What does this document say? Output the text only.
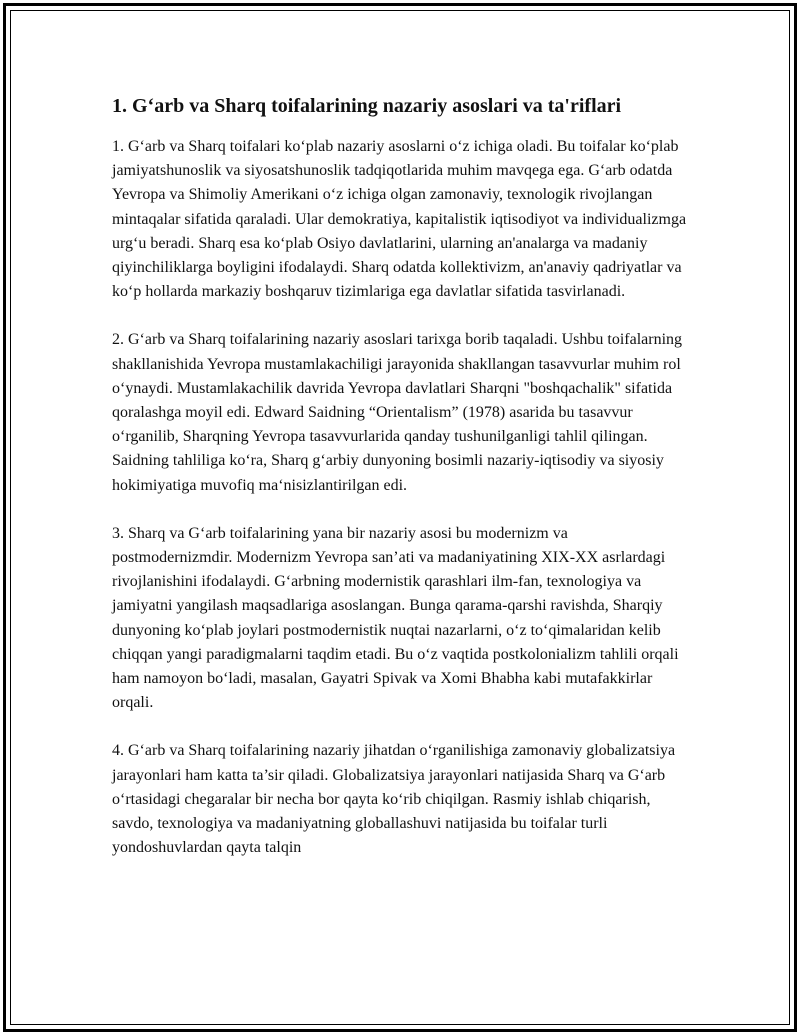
1. G‘arb va Sharq toifalarining nazariy asoslari va ta'riflari

1. G‘arb va Sharq toifalari ko‘plab nazariy asoslarni o‘z ichiga oladi. Bu toifalar ko‘plab jamiyatshunoslik va siyosatshunoslik tadqiqotlarida muhim mavqega ega. G‘arb odatda Yevropa va Shimoliy Amerikani o‘z ichiga olgan zamonaviy, texnologik rivojlangan mintaqalar sifatida qaraladi. Ular demokratiya, kapitalistik iqtisodiyot va individualizmga urg‘u beradi. Sharq esa ko‘plab Osiyo davlatlarini, ularning an'analarga va madaniy qiyinchiliklarga boyligini ifodalaydi. Sharq odatda kollektivizm, an'anaviy qadriyatlar va ko‘p hollarda markaziy boshqaruv tizimlariga ega davlatlar sifatida tasvirlanadi.

2. G‘arb va Sharq toifalarining nazariy asoslari tarixga borib taqaladi. Ushbu toifalarning shakllanishida Yevropa mustamlakachiligi jarayonida shakllangan tasavvurlar muhim rol o‘ynaydi. Mustamlakachilik davrida Yevropa davlatlari Sharqni "boshqachalik" sifatida qoralashga moyil edi. Edward Saidning “Orientalism” (1978) asarida bu tasavvur o‘rganilib, Sharqning Yevropa tasavvurlarida qanday tushunilganligi tahlil qilingan. Saidning tahliliga ko‘ra, Sharq g‘arbiy dunyoning bosimli nazariy-iqtisodiy va siyosiy hokimiyatiga muvofiq ma‘nisizlantirilgan edi.

3. Sharq va G‘arb toifalarining yana bir nazariy asosi bu modernizm va postmodernizmdir. Modernizm Yevropa san’ati va madaniyatining XIX-XX asrlardagi rivojlanishini ifodalaydi. G‘arbning modernistik qarashlari ilm-fan, texnologiya va jamiyatni yangilash maqsadlariga asoslangan. Bunga qarama-qarshi ravishda, Sharqiy dunyoning ko‘plab joylari postmodernistik nuqtai nazarlarni, o‘z to‘qimalaridan kelib chiqqan yangi paradigmalarni taqdim etadi. Bu o‘z vaqtida postkolonializm tahlili orqali ham namoyon bo‘ladi, masalan, Gayatri Spivak va Xomi Bhabha kabi mutafakkirlar orqali.

4. G‘arb va Sharq toifalarining nazariy jihatdan o‘rganilishiga zamonaviy globalizatsiya jarayonlari ham katta ta’sir qiladi. Globalizatsiya jarayonlari natijasida Sharq va G‘arb o‘rtasidagi chegaralar bir necha bor qayta ko‘rib chiqilgan. Rasmiy ishlab chiqarish, savdo, texnologiya va madaniyatning globallashuvi natijasida bu toifalar turli yondoshuvlardan qayta talqin
